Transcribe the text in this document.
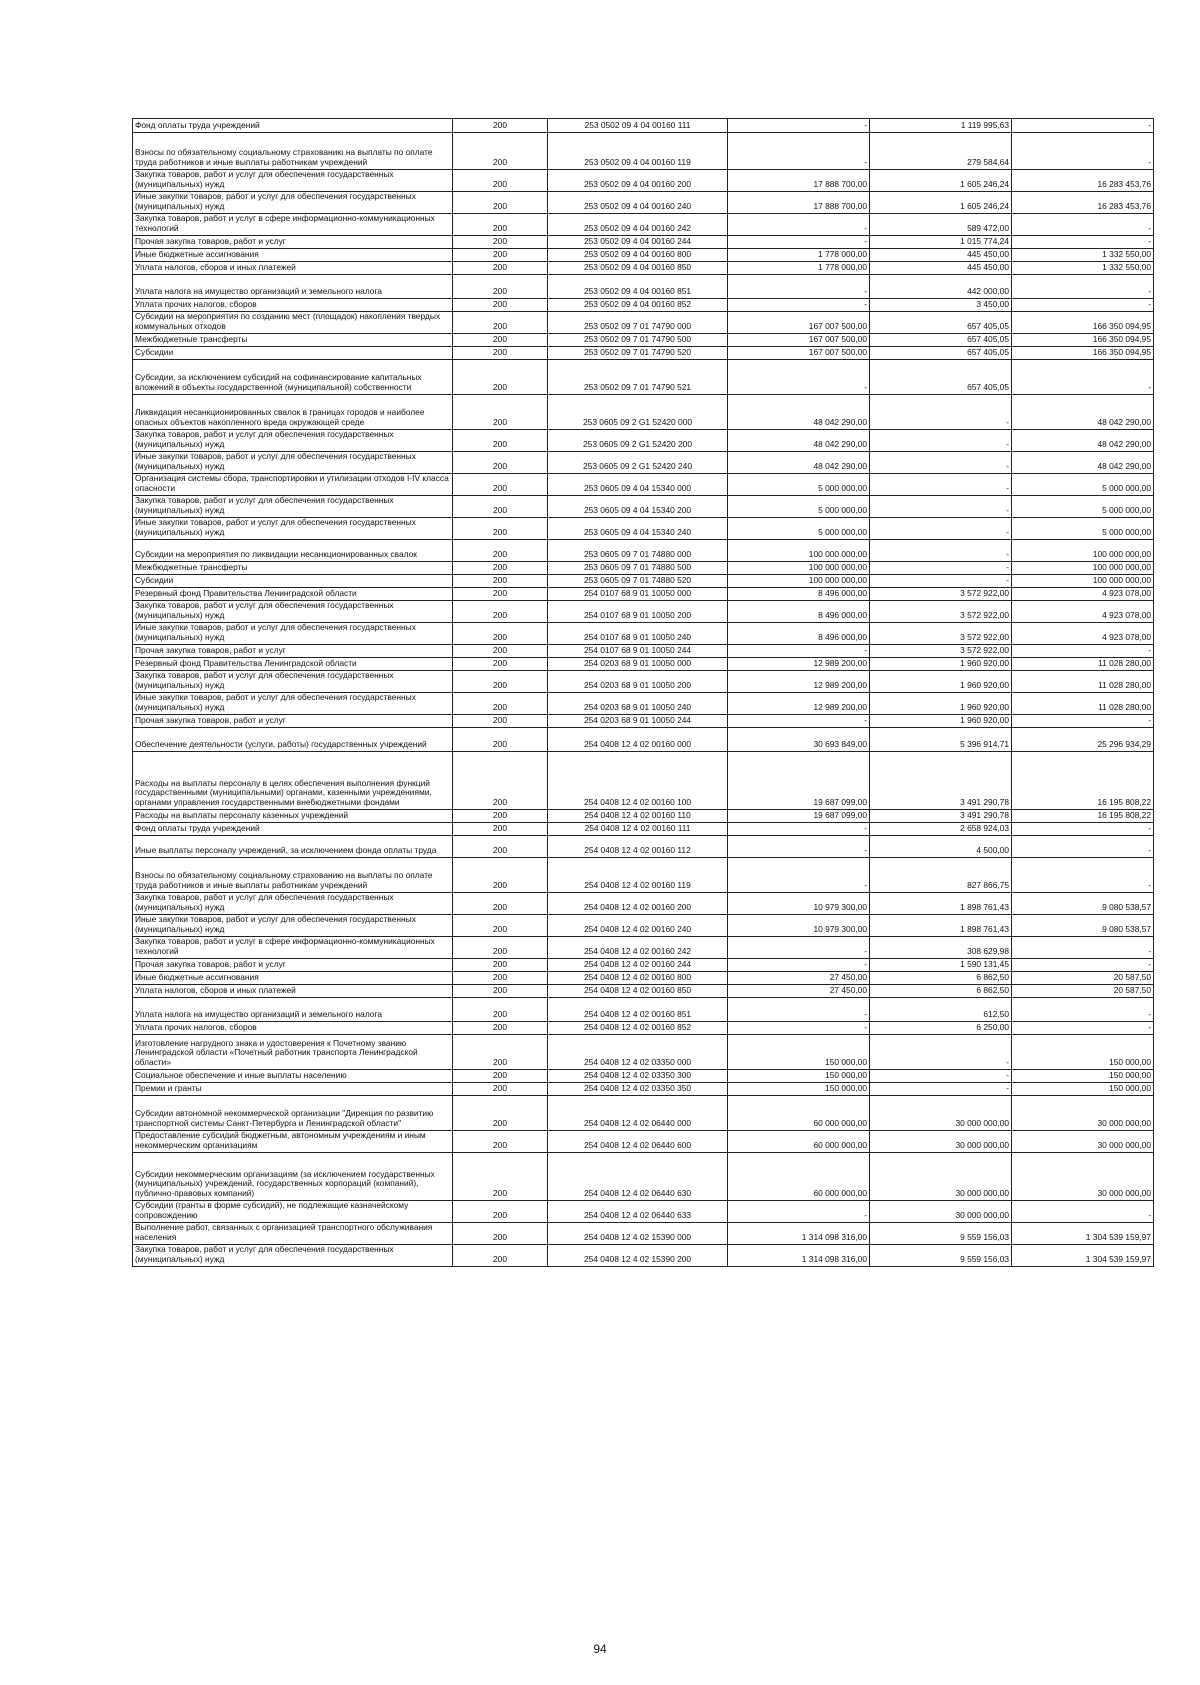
Фонд оплаты труда учреждений	200	253 0502 09 4 04 00160 111	-	1 119 995,63	-
Взносы по обязательному социальному страхованию на выплаты по оплате труда работников и иные выплаты работникам учреждений	200	253 0502 09 4 04 00160 119	-	279 584,64	-
Закупка товаров, работ и услуг для обеспечения государственных (муниципальных) нужд	200	253 0502 09 4 04 00160 200	17 888 700,00	1 605 246,24	16 283 453,76
Иные закупки товаров, работ и услуг для обеспечения государственных (муниципальных) нужд	200	253 0502 09 4 04 00160 240	17 888 700,00	1 605 246,24	16 283 453,76
Закупка товаров, работ и услуг в сфере информационно-коммуникационных технологий	200	253 0502 09 4 04 00160 242	-	589 472,00	-
Прочая закупка товаров, работ и услуг	200	253 0502 09 4 04 00160 244	-	1 015 774,24	-
Иные бюджетные ассигнования	200	253 0502 09 4 04 00160 800	1 778 000,00	445 450,00	1 332 550,00
Уплата налогов, сборов и иных платежей	200	253 0502 09 4 04 00160 850	1 778 000,00	445 450,00	1 332 550,00
Уплата налога на имущество организаций и земельного налога	200	253 0502 09 4 04 00160 851	-	442 000,00	-
Уплата прочих налогов, сборов	200	253 0502 09 4 04 00160 852	-	3 450,00	-
Субсидии на мероприятия по созданию мест (площадок) накопления твердых коммунальных отходов	200	253 0502 09 7 01 74790 000	167 007 500,00	657 405,05	166 350 094,95
Межбюджетные трансферты	200	253 0502 09 7 01 74790 500	167 007 500,00	657 405,05	166 350 094,95
Субсидии	200	253 0502 09 7 01 74790 520	167 007 500,00	657 405,05	166 350 094,95
Субсидии, за исключением субсидий на софинансирование капитальных вложений в объекты государственной (муниципальной) собственности	200	253 0502 09 7 01 74790 521	-	657 405,05	-
Ликвидация несанкционированных свалок в границах городов и наиболее опасных объектов накопленного вреда окружающей среде	200	253 0605 09 2 G1 52420 000	48 042 290,00	-	48 042 290,00
Закупка товаров, работ и услуг для обеспечения государственных (муниципальных) нужд	200	253 0605 09 2 G1 52420 200	48 042 290,00	-	48 042 290,00
Иные закупки товаров, работ и услуг для обеспечения государственных (муниципальных) нужд	200	253 0605 09 2 G1 52420 240	48 042 290,00	-	48 042 290,00
Организация системы сбора, транспортировки и утилизации отходов I-IV класса опасности	200	253 0605 09 4 04 15340 000	5 000 000,00	-	5 000 000,00
Закупка товаров, работ и услуг для обеспечения государственных (муниципальных) нужд	200	253 0605 09 4 04 15340 200	5 000 000,00	-	5 000 000,00
Иные закупки товаров, работ и услуг для обеспечения государственных (муниципальных) нужд	200	253 0605 09 4 04 15340 240	5 000 000,00	-	5 000 000,00
Субсидии на мероприятия по ликвидации несанкционированных свалок	200	253 0605 09 7 01 74880 000	100 000 000,00	-	100 000 000,00
Межбюджетные трансферты	200	253 0605 09 7 01 74880 500	100 000 000,00	-	100 000 000,00
Субсидии	200	253 0605 09 7 01 74880 520	100 000 000,00	-	100 000 000,00
Резервный фонд Правительства Ленинградской области	200	254 0107 68 9 01 10050 000	8 496 000,00	3 572 922,00	4 923 078,00
Закупка товаров, работ и услуг для обеспечения государственных (муниципальных) нужд	200	254 0107 68 9 01 10050 200	8 496 000,00	3 572 922,00	4 923 078,00
Иные закупки товаров, работ и услуг для обеспечения государственных (муниципальных) нужд	200	254 0107 68 9 01 10050 240	8 496 000,00	3 572 922,00	4 923 078,00
Прочая закупка товаров, работ и услуг	200	254 0107 68 9 01 10050 244	-	3 572 922,00	-
Резервный фонд Правительства Ленинградской области	200	254 0203 68 9 01 10050 000	12 989 200,00	1 960 920,00	11 028 280,00
Закупка товаров, работ и услуг для обеспечения государственных (муниципальных) нужд	200	254 0203 68 9 01 10050 200	12 989 200,00	1 960 920,00	11 028 280,00
Иные закупки товаров, работ и услуг для обеспечения государственных (муниципальных) нужд	200	254 0203 68 9 01 10050 240	12 989 200,00	1 960 920,00	11 028 280,00
Прочая закупка товаров, работ и услуг	200	254 0203 68 9 01 10050 244	-	1 960 920,00	-
Обеспечение деятельности (услуги, работы) государственных учреждений	200	254 0408 12 4 02 00160 000	30 693 849,00	5 396 914,71	25 296 934,29
Расходы на выплаты персоналу в целях обеспечения выполнения функций государственными (муниципальными) органами, казенными учреждениями, органами управления государственными внебюджетными фондами	200	254 0408 12 4 02 00160 100	19 687 099,00	3 491 290,78	16 195 808,22
Расходы на выплаты персоналу казенных учреждений	200	254 0408 12 4 02 00160 110	19 687 099,00	3 491 290,78	16 195 808,22
Фонд оплаты труда учреждений	200	254 0408 12 4 02 00160 111	-	2 658 924,03	-
Иные выплаты персоналу учреждений, за исключением фонда оплаты труда	200	254 0408 12 4 02 00160 112	-	4 500,00	-
Взносы по обязательному социальному страхованию на выплаты по оплате труда работников и иные выплаты работникам учреждений	200	254 0408 12 4 02 00160 119	-	827 866,75	-
Закупка товаров, работ и услуг для обеспечения государственных (муниципальных) нужд	200	254 0408 12 4 02 00160 200	10 979 300,00	1 898 761,43	9 080 538,57
Иные закупки товаров, работ и услуг для обеспечения государственных (муниципальных) нужд	200	254 0408 12 4 02 00160 240	10 979 300,00	1 898 761,43	9 080 538,57
Закупка товаров, работ и услуг в сфере информационно-коммуникационных технологий	200	254 0408 12 4 02 00160 242	-	308 629,98	-
Прочая закупка товаров, работ и услуг	200	254 0408 12 4 02 00160 244	-	1 590 131,45	-
Иные бюджетные ассигнования	200	254 0408 12 4 02 00160 800	27 450,00	6 862,50	20 587,50
Уплата налогов, сборов и иных платежей	200	254 0408 12 4 02 00160 850	27 450,00	6 862,50	20 587,50
Уплата налога на имущество организаций и земельного налога	200	254 0408 12 4 02 00160 851	-	612,50	-
Уплата прочих налогов, сборов	200	254 0408 12 4 02 00160 852	-	6 250,00	-
Изготовление нагрудного знака и удостоверения к Почетному званию Ленинградской области «Почетный работник транспорта Ленинградской области»	200	254 0408 12 4 02 03350 000	150 000,00	-	150 000,00
Социальное обеспечение и иные выплаты населению	200	254 0408 12 4 02 03350 300	150 000,00	-	150 000,00
Премии и гранты	200	254 0408 12 4 02 03350 350	150 000,00	-	150 000,00
Субсидии автономной некоммерческой организации "Дирекция по развитию транспортной системы Санкт-Петербурга и Ленинградской области"	200	254 0408 12 4 02 06440 000	60 000 000,00	30 000 000,00	30 000 000,00
Предоставление субсидий бюджетным, автономным учреждениям и иным некоммерческим организациям	200	254 0408 12 4 02 06440 600	60 000 000,00	30 000 000,00	30 000 000,00
Субсидии некоммерческим организациям (за исключением государственных (муниципальных) учреждений, государственных корпораций (компаний), публично-правовых компаний)	200	254 0408 12 4 02 06440 630	60 000 000,00	30 000 000,00	30 000 000,00
Субсидии (гранты в форме субсидий), не подлежащие казначейскому сопровождению	200	254 0408 12 4 02 06440 633	-	30 000 000,00	-
Выполнение работ, связанных с организацией транспортного обслуживания населения	200	254 0408 12 4 02 15390 000	1 314 098 316,00	9 559 156,03	1 304 539 159,97
Закупка товаров, работ и услуг для обеспечения государственных (муниципальных) нужд	200	254 0408 12 4 02 15390 200	1 314 098 316,00	9 559 156,03	1 304 539 159,97
94
